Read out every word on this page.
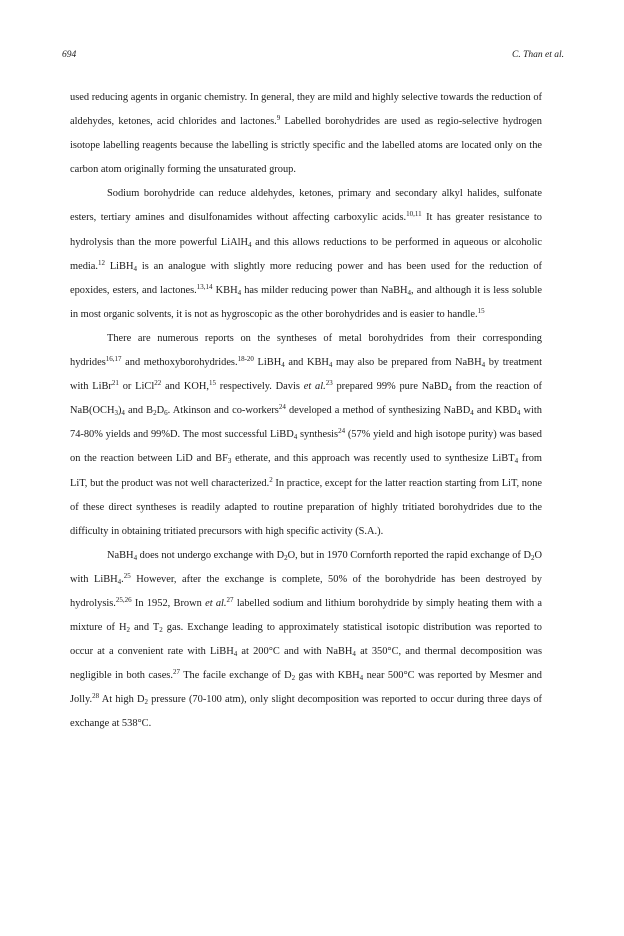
694	C. Than et al.

used reducing agents in organic chemistry. In general, they are mild and highly selective towards the reduction of aldehydes, ketones, acid chlorides and lactones.$^9$ Labelled borohydrides are used as regio-selective hydrogen isotope labelling reagents because the labelling is strictly specific and the labelled atoms are located only on the carbon atom originally forming the unsaturated group.

Sodium borohydride can reduce aldehydes, ketones, primary and secondary alkyl halides, sulfonate esters, tertiary amines and disulfonamides without affecting carboxylic acids.$^{10,11}$ It has greater resistance to hydrolysis than the more powerful LiAlH$_4$ and this allows reductions to be performed in aqueous or alcoholic media.$^{12}$ LiBH$_4$ is an analogue with slightly more reducing power and has been used for the reduction of epoxides, esters, and lactones.$^{13,14}$ $KBH_4$ has milder reducing power than NaBH$_4$, and although it is less soluble in most organic solvents, it is not as hygroscopic as the other borohydrides and is easier to handle.$^{15}$

There are numerous reports on the syntheses of metal borohydrides from their corresponding hydrides$^{16,17}$ and methoxyborohydrides.$^{18-20}$ LiBH$_4$ and $KBH_4$ may also be prepared from NaBH$_4$ by treatment with LiBr$^{21}$ or LiCl$^{22}$ and KOH,$^{15}$ respectively. Davis et al.$^{23}$ prepared 99% pure NaBD$_4$ from the reaction of $NaB(OCH_3)_4$ and $B_2D_6$. Atkinson and co-workers$^{24}$ developed a method of synthesizing NaBD$_4$ and $KBD_4$ with 74-80% yields and 99%D. The most successful LiBD$_4$ synthesis$^{24}$ (57% yield and high isotope purity) was based on the reaction between LiD and $BF_3$ etherate, and this approach was recently used to synthesize LiBT$_4$ from LiT, but the product was not well characterized.$^2$ In practice, except for the latter reaction starting from LiT, none of these direct syntheses is readily adapted to routine preparation of highly tritiated borohydrides due to the difficulty in obtaining tritiated precursors with high specific activity (S.A.).

NaBH$_4$ does not undergo exchange with $D_2O$, but in 1970 Cornforth reported the rapid exchange of $D_2O$ with LiBH$_4$.$^{25}$ However, after the exchange is complete, 50% of the borohydride has been destroyed by hydrolysis.$^{25,26}$ In 1952, Brown et al.$^{27}$ labelled sodium and lithium borohydride by simply heating them with a mixture of $H_2$ and $T_2$ gas. Exchange leading to approximately statistical isotopic distribution was reported to occur at a convenient rate with LiBH$_4$ at 200°C and with NaBH$_4$ at 350°C, and thermal decomposition was negligible in both cases.$^{27}$ The facile exchange of $D_2$ gas with $KBH_4$ near 500°C was reported by Mesmer and Jolly.$^{28}$ At high $D_2$ pressure (70-100 atm), only slight decomposition was reported to occur during three days of exchange at 538°C.
